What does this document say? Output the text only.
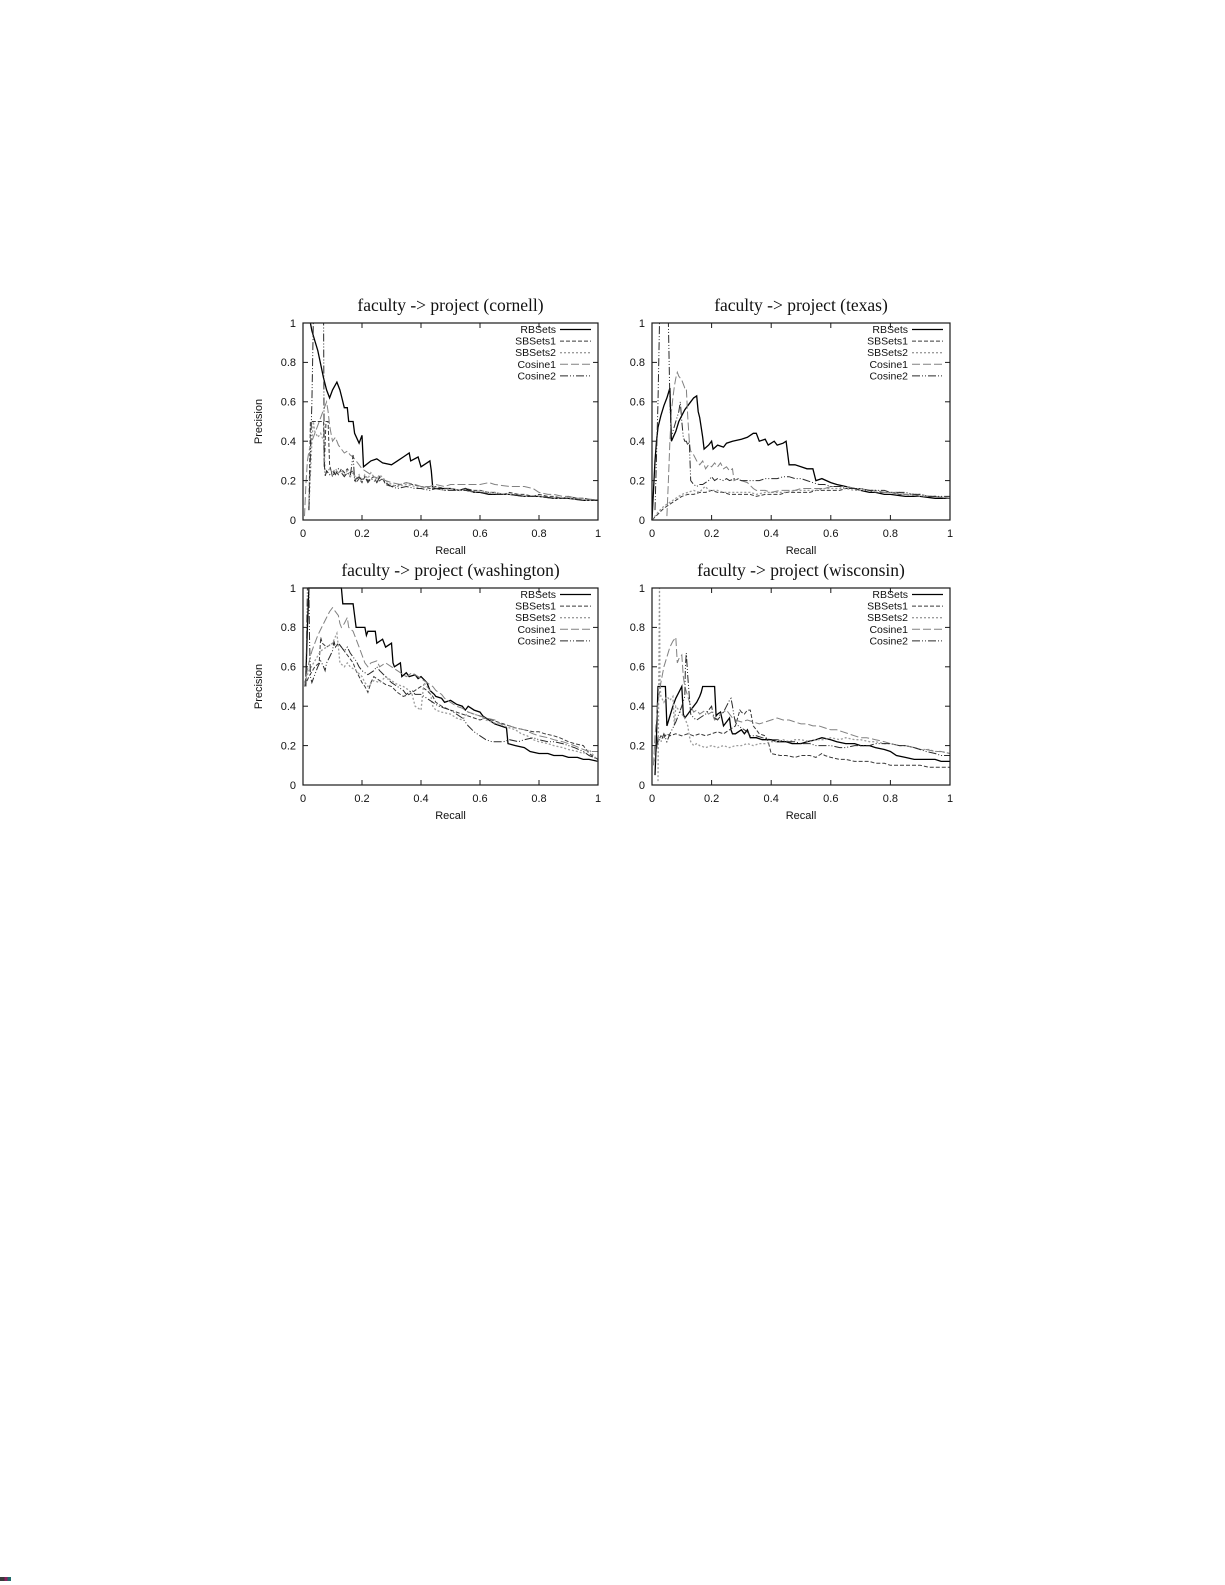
0
0
0.2
0.2
0.4
0.4
0.6
0.6
0.8
0.8
1
1
faculty -> project (cornell)
Recall
Precision
RBSets
SBSets1
SBSets2
Cosine1
Cosine2
0
0
0.2
0.2
0.4
0.4
0.6
0.6
0.8
0.8
1
1
faculty -> project (texas)
Recall
RBSets
SBSets1
SBSets2
Cosine1
Cosine2
0
0
0.2
0.2
0.4
0.4
0.6
0.6
0.8
0.8
1
1
faculty -> project (washington)
Recall
Precision
RBSets
SBSets1
SBSets2
Cosine1
Cosine2
0
0
0.2
0.2
0.4
0.4
0.6
0.6
0.8
0.8
1
1
faculty -> project (wisconsin)
Recall
RBSets
SBSets1
SBSets2
Cosine1
Cosine2
